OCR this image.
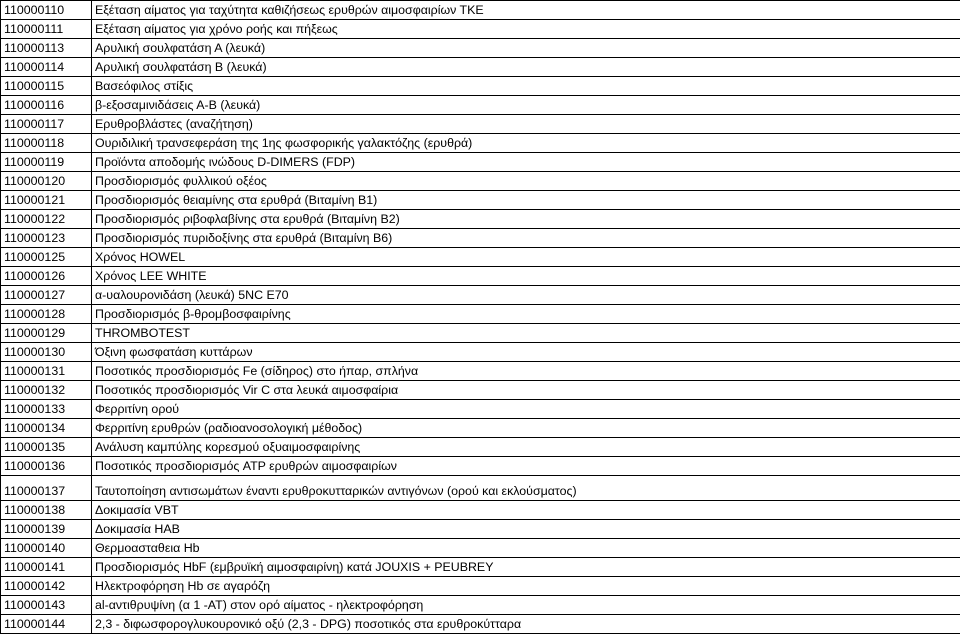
110000110	Εξέταση αίματος για ταχύτητα καθιζήσεως ερυθρών αιμοσφαιρίων ΤΚΕ
110000111	Εξέταση αίματος για χρόνο ροής και πήξεως
110000113	Αρυλική σουλφατάση Α (λευκά)
110000114	Αρυλική σουλφατάση Β (λευκά)
110000115	Βασεόφιλος στίξις
110000116	β-εξοσαμινιδάσεις Α-Β (λευκά)
110000117	Ερυθροβλάστες (αναζήτηση)
110000118	Ουριδιλική τρανσεφεράση της 1ης φωσφορικής γαλακτόζης (ερυθρά)
110000119	Προϊόντα αποδομής ινώδους D-DIMERS (FDP)
110000120	Προσδιορισμός φυλλικού οξέος
110000121	Προσδιορισμός θειαμίνης στα ερυθρά (Βιταμίνη Β1)
110000122	Προσδιορισμός ριβοφλαβίνης στα ερυθρά (Βιταμίνη Β2)
110000123	Προσδιορισμός πυριδοξίνης στα ερυθρά (Βιταμίνη Β6)
110000125	Χρόνος HOWEL
110000126	Χρόνος LEE WHITE
110000127	α-υαλουρονιδάση (λευκά) 5NC E70
110000128	Προσδιορισμός β-θρομβοσφαιρίνης
110000129	THROMBOTEST
110000130	Όξινη φωσφατάση κυττάρων
110000131	Ποσοτικός προσδιορισμός Fe (σίδηρος) στο ήπαρ, σπλήνα
110000132	Ποσοτικός προσδιορισμός Vir C στα λευκά αιμοσφαίρια
110000133	Φερριτίνη ορού
110000134	Φερριτίνη ερυθρών (ραδιοανοσολογική μέθοδος)
110000135	Ανάλυση καμπύλης κορεσμού οξυαιμοσφαιρίνης
110000136	Ποσοτικός προσδιορισμός ATP ερυθρών αιμοσφαιρίων
110000137	Ταυτοποίηση αντισωμάτων έναντι ερυθροκυτταρικών αντιγόνων (ορού και εκλούσματος)
110000138	Δοκιμασία VBT
110000139	Δοκιμασία HAB
110000140	Θερμοασταθεια Hb
110000141	Προσδιορισμός HbF (εμβρυϊκή αιμοσφαιρίνη) κατά JOUXIS + PEUBREY
110000142	Ηλεκτροφόρηση Hb σε αγαρόζη
110000143	al-αντιθρυψίνη (α 1 -AT) στον ορό αίματος - ηλεκτροφόρηση
110000144	2,3 - διφωσφορογλυκουρονικό οξύ (2,3 - DPG) ποσοτικός στα ερυθροκύτταρα
